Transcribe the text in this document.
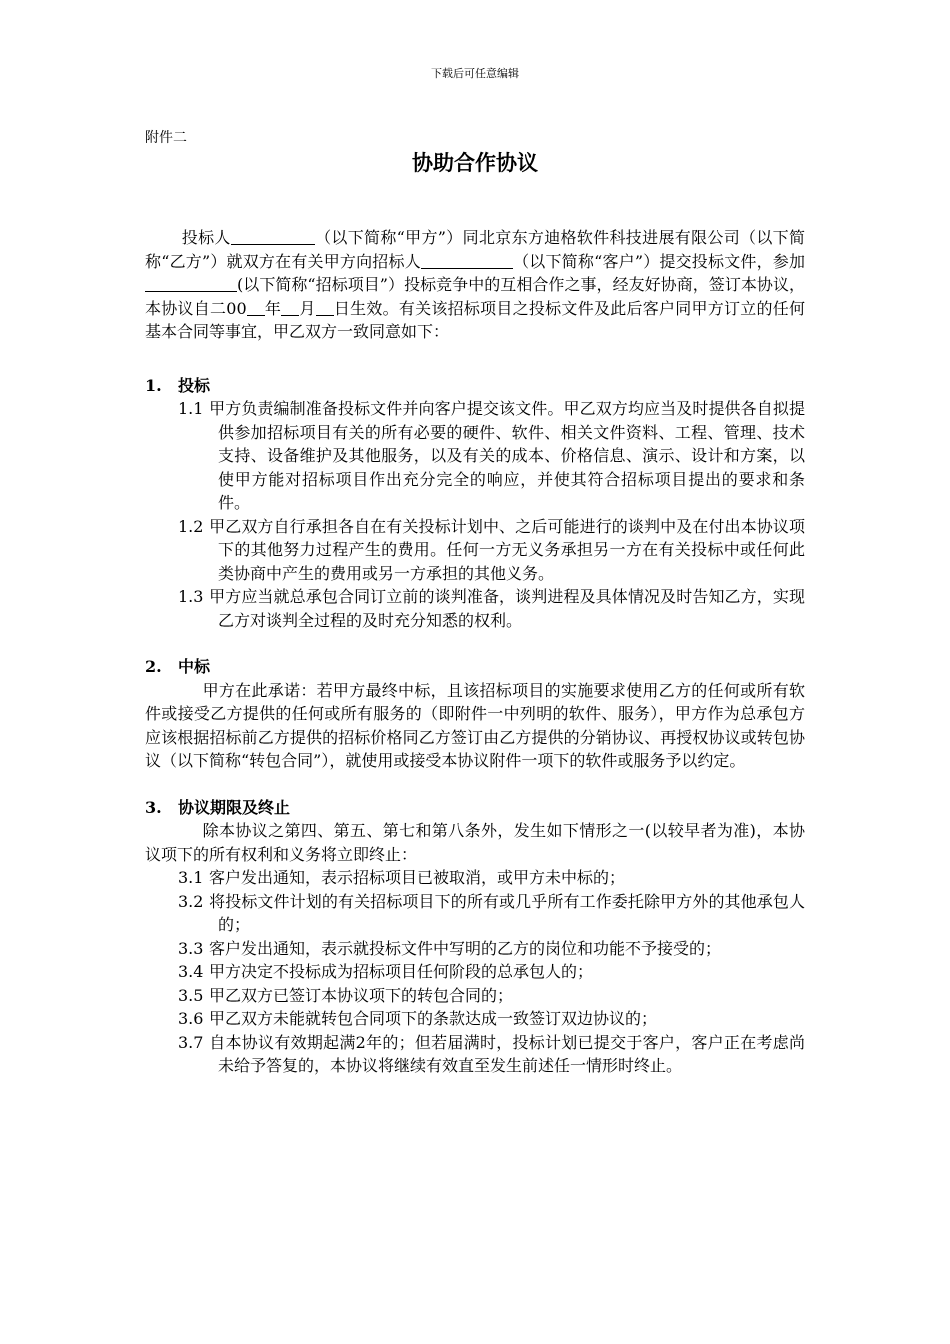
下载后可任意编辑
附件二
协助合作协议

投标人	（以下简称“甲方”）同北京东方迪格软件科技进展有限公司（以下简称“乙方”）就双方在有关甲方向招标人	（以下简称“客户”）提交投标文件，参加(以下简称“招标项目”）投标竞争中的互相合作之事，经友好协商，签订本协议，本协议自二00 年 月 日生效。有关该招标项目之投标文件及此后客户同甲方订立的任何基本合同等事宜，甲乙双方一致同意如下：

1.	投标

1.1 甲方负责编制准备投标文件并向客户提交该文件。甲乙双方均应当及时提供各自拟提供参加招标项目有关的所有必要的硬件、软件、相关文件资料、工程、管理、技术支持、设备维护及其他服务，以及有关的成本、价格信息、演示、设计和方案，以使甲方能对招标项目作出充分完全的响应，并使其符合招标项目提出的要求和条件。

1.2 甲乙双方自行承担各自在有关投标计划中、之后可能进行的谈判中及在付出本协议项下的其他努力过程产生的费用。任何一方无义务承担另一方在有关投标中或任何此类协商中产生的费用或另一方承担的其他义务。

1.3 甲方应当就总承包合同订立前的谈判准备，谈判进程及具体情况及时告知乙方，实现乙方对谈判全过程的及时充分知悉的权利。

2.	中标

甲方在此承诺：若甲方最终中标，且该招标项目的实施要求使用乙方的任何或所有软件或接受乙方提供的任何或所有服务的（即附件一中列明的软件、服务），甲方作为总承包方应该根据招标前乙方提供的招标价格同乙方签订由乙方提供的分销协议、再授权协议或转包协议（以下简称“转包合同”），就使用或接受本协议附件一项下的软件或服务予以约定。

3.	协议期限及终止

除本协议之第四、第五、第七和第八条外，发生如下情形之一(以较早者为准)，本协议项下的所有权利和义务将立即终止：

3.1 客户发出通知，表示招标项目已被取消，或甲方未中标的；

3.2 将投标文件计划的有关招标项目下的所有或几乎所有工作委托除甲方外的其他承包人的；

3.3 客户发出通知，表示就投标文件中写明的乙方的岗位和功能不予接受的；

3.4 甲方决定不投标成为招标项目任何阶段的总承包人的；

3.5 甲乙双方已签订本协议项下的转包合同的；

3.6 甲乙双方未能就转包合同项下的条款达成一致签订双边协议的；

3.7 自本协议有效期起满2年的；但若届满时，投标计划已提交于客户，客户正在考虑尚未给予答复的，本协议将继续有效直至发生前述任一情形时终止。
